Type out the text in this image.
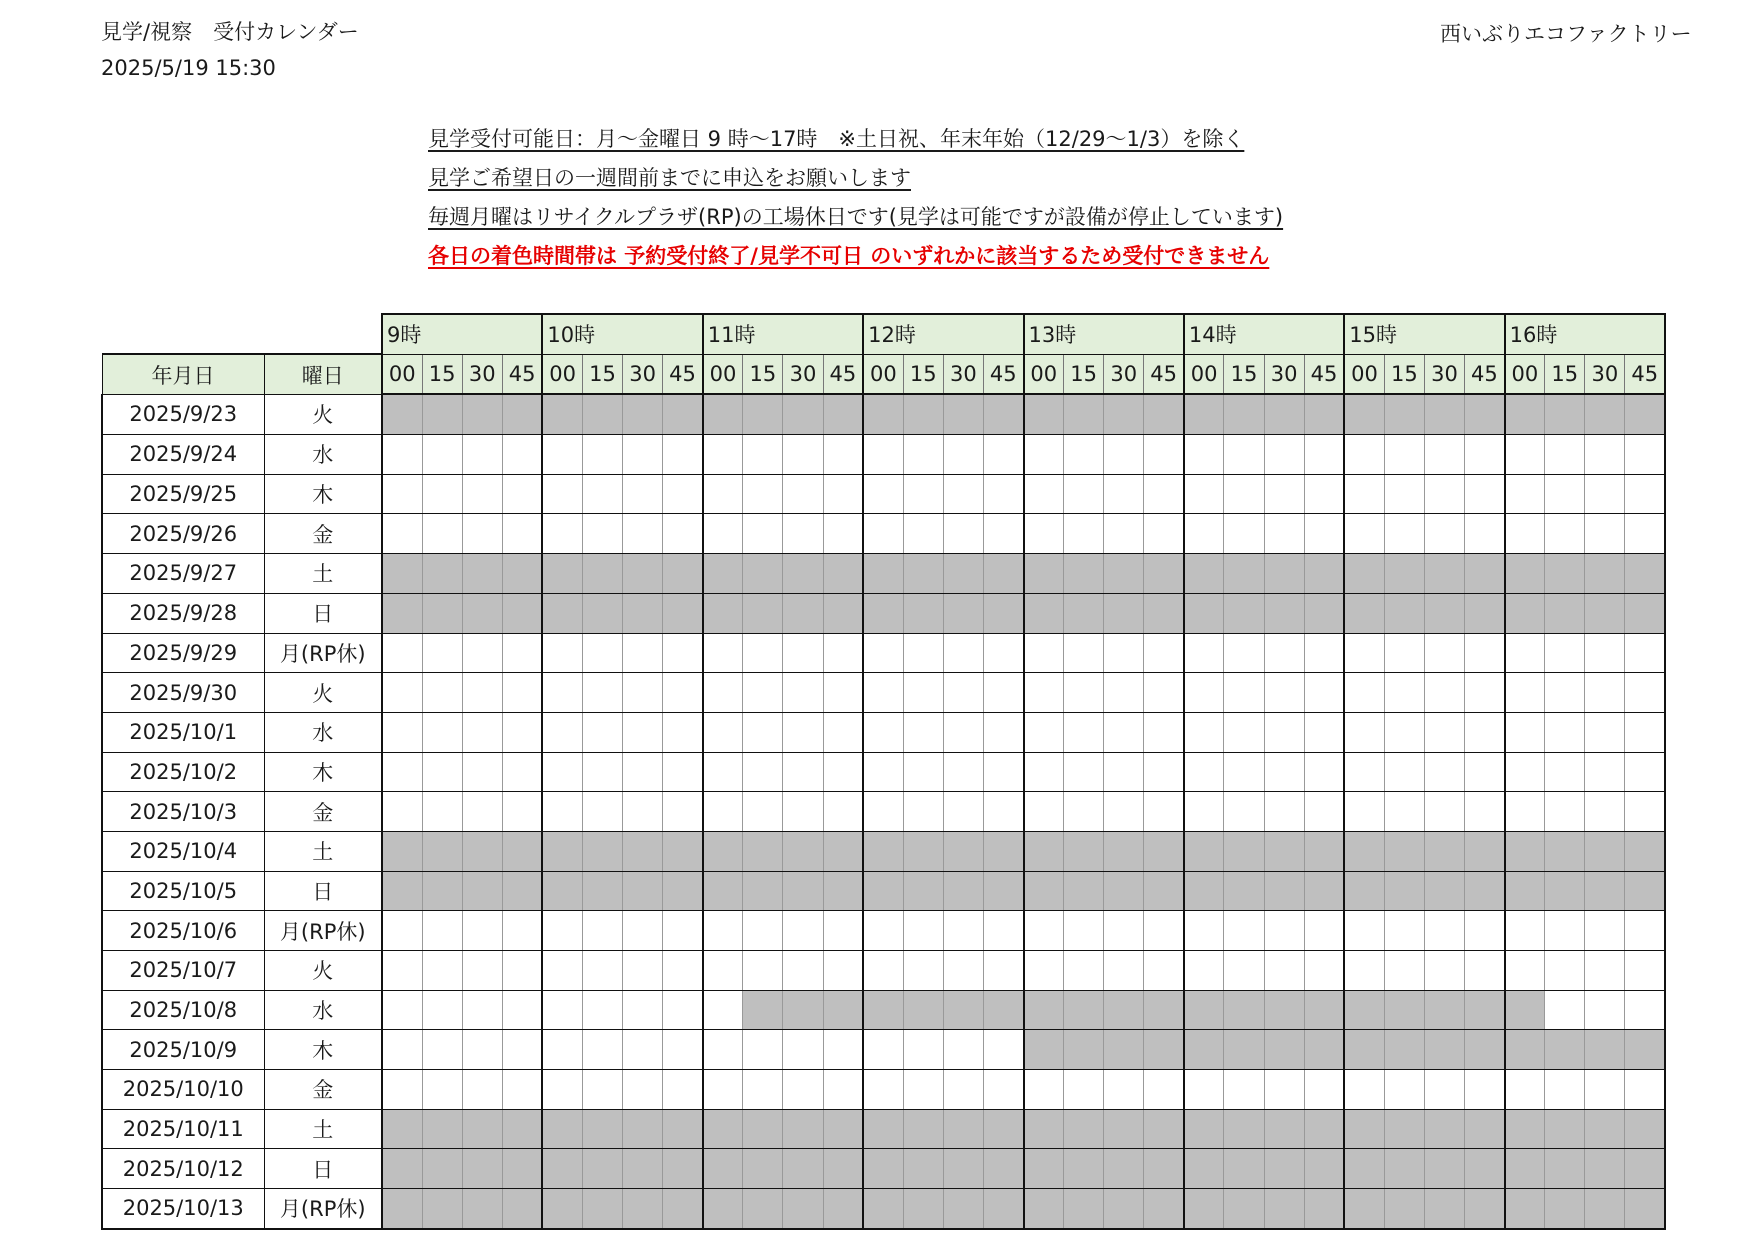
見学/視察　受付カレンダー
2025/5/19 15:30
西いぶりエコファクトリー
見学受付可能日：月～金曜日 9 時～17時　※土日祝、年末年始（12/29～1/3）を除く
見学ご希望日の一週間前までに申込をお願いします
毎週月曜はリサイクルプラザ(RP)の工場休日です(見学は可能ですが設備が停止しています)
各日の着色時間帯は 予約受付終了/見学不可日 のいずれかに該当するため受付できません
		9時				10時				11時				12時				13時				14時				15時				16時			
年月日	曜日	00	15	30	45	00	15	30	45	00	15	30	45	00	15	30	45	00	15	30	45	00	15	30	45	00	15	30	45	00	15	30	45
2025/9/23	火																																
2025/9/24	水																																
2025/9/25	木																																
2025/9/26	金																																
2025/9/27	土																																
2025/9/28	日																																
2025/9/29	月(RP休)																																
2025/9/30	火																																
2025/10/1	水																																
2025/10/2	木																																
2025/10/3	金																																
2025/10/4	土																																
2025/10/5	日																																
2025/10/6	月(RP休)																																
2025/10/7	火																																
2025/10/8	水																																
2025/10/9	木																																
2025/10/10	金																																
2025/10/11	土																																
2025/10/12	日																																
2025/10/13	月(RP休)																																
